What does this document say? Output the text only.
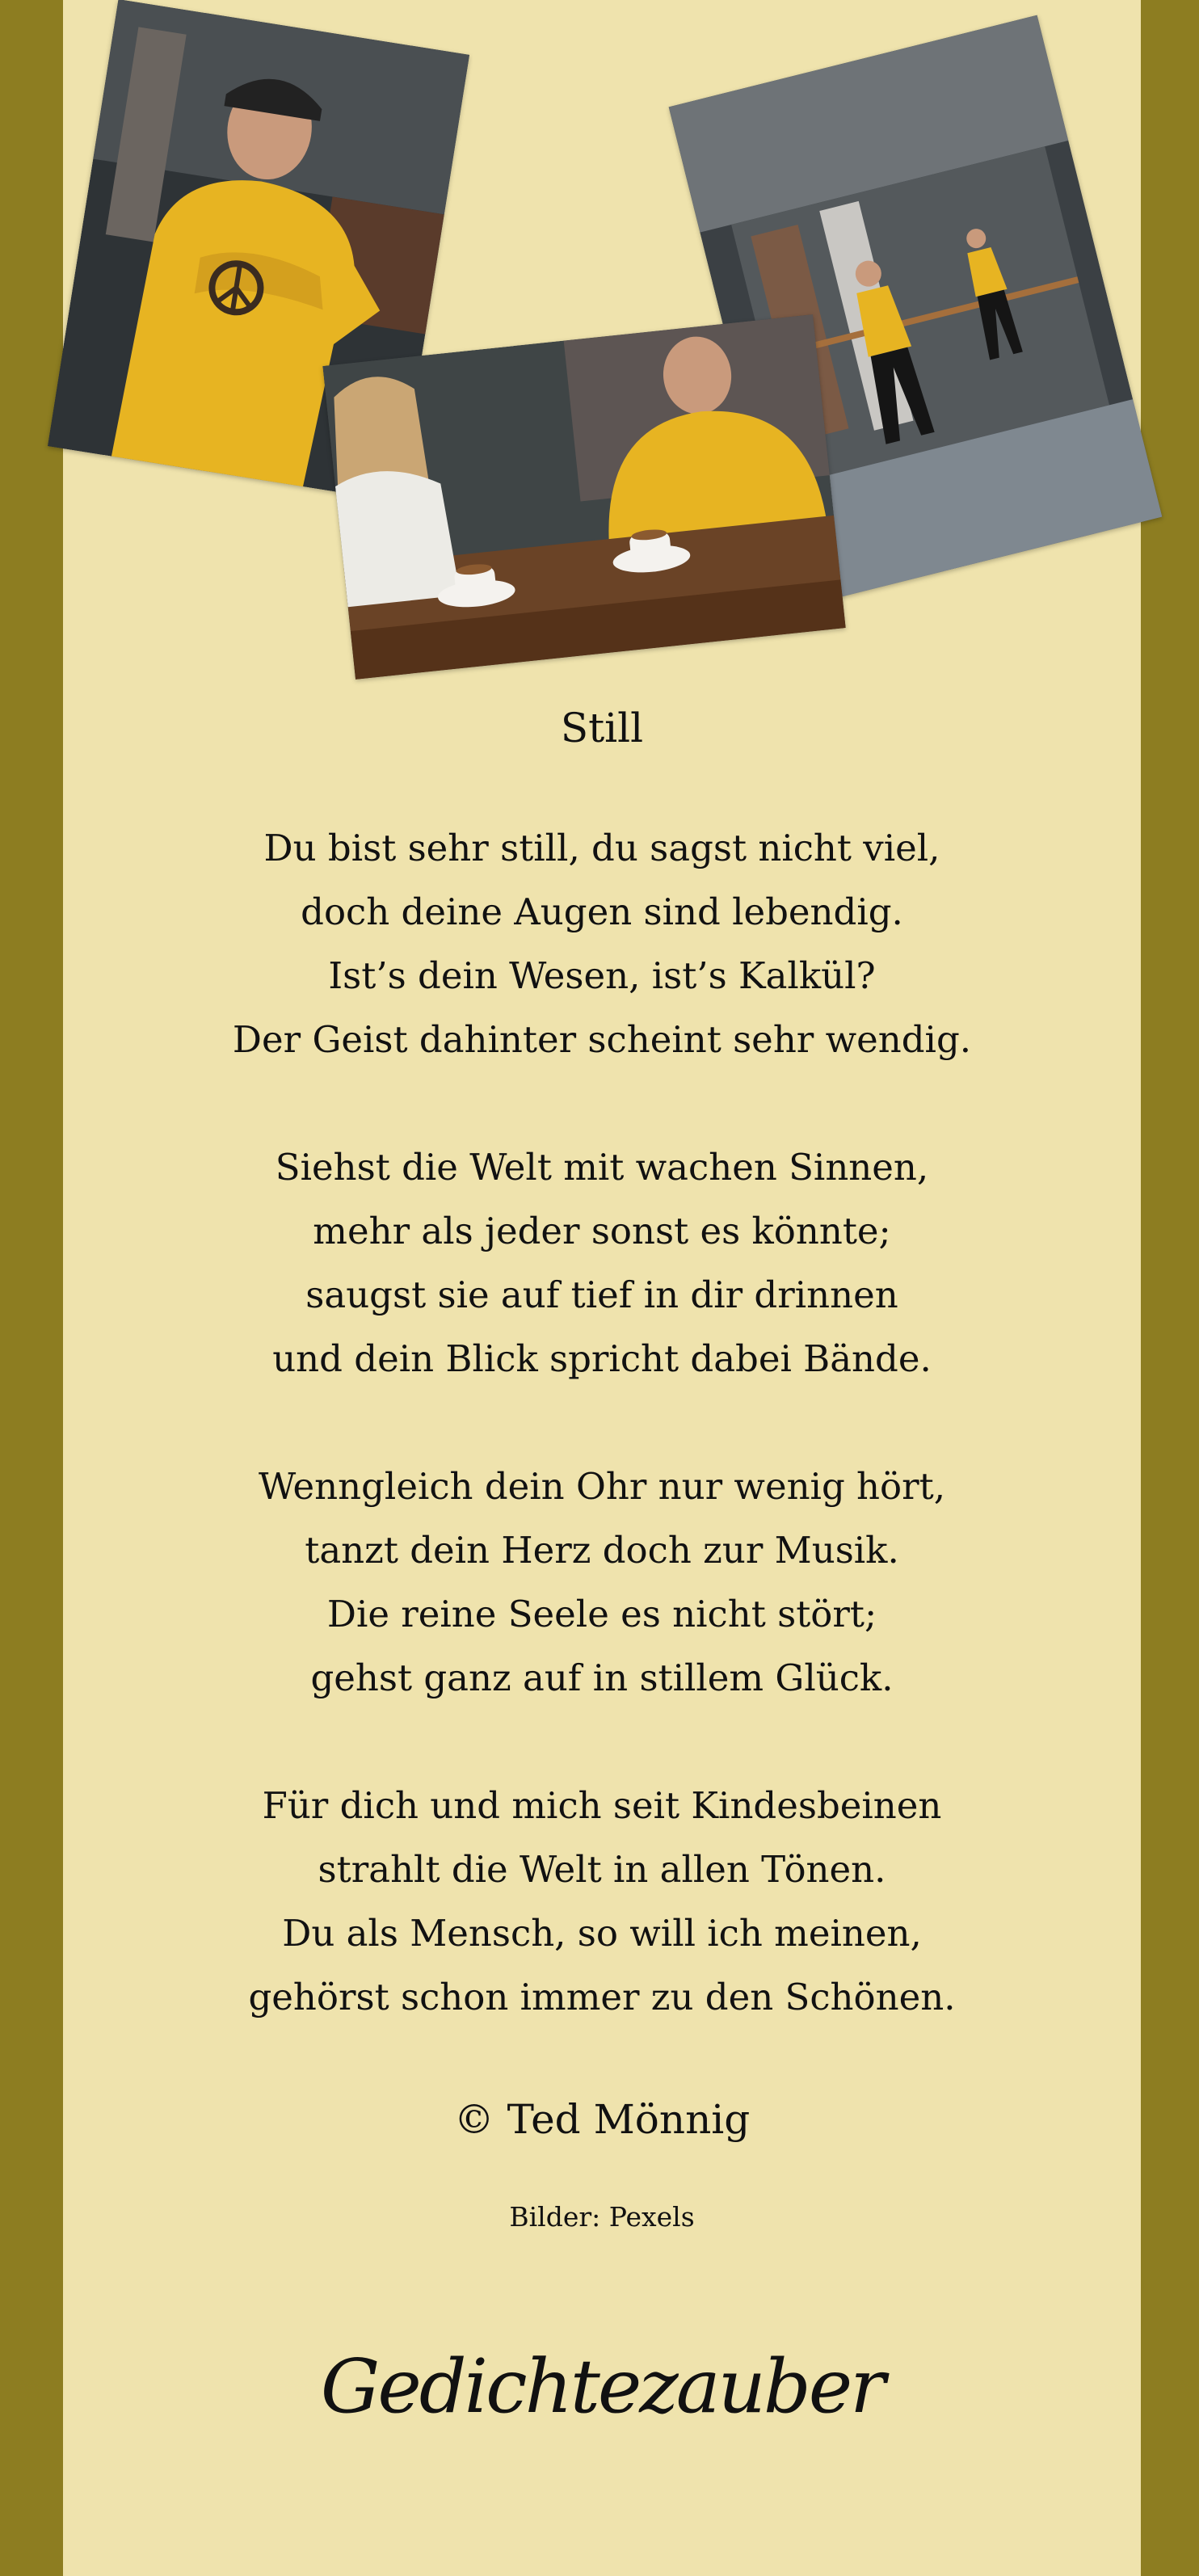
Still
Du bist sehr still, du sagst nicht viel,
doch deine Augen sind lebendig.
Ist’s dein Wesen, ist’s Kalkül?
Der Geist dahinter scheint sehr wendig.
Siehst die Welt mit wachen Sinnen,
mehr als jeder sonst es könnte;
saugst sie auf tief in dir drinnen
und dein Blick spricht dabei Bände.
Wenngleich dein Ohr nur wenig hört,
tanzt dein Herz doch zur Musik.
Die reine Seele es nicht stört;
gehst ganz auf in stillem Glück.
Für dich und mich seit Kindesbeinen
strahlt die Welt in allen Tönen.
Du als Mensch, so will ich meinen,
gehörst schon immer zu den Schönen.

© Ted Mönnig

Bilder: Pexels

Gedichtezauber
